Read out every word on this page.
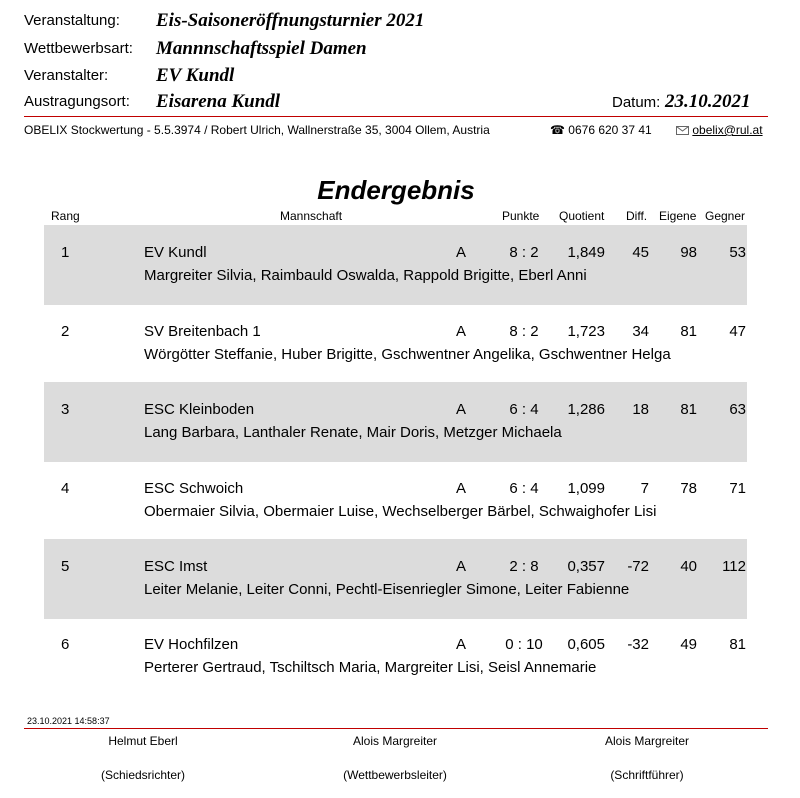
Veranstaltung: Eis-Saisoneröffnungsturnier 2021
Wettbewerbsart: Mannnschaftsspiel Damen
Veranstalter:	EV Kundl
Austragungsort: Eisarena Kundl	Datum: 23.10.2021
OBELIX Stockwertung - 5.5.3974 / Robert Ulrich, Wallnerstraße 35, 3004 Ollem, Austria	☎ 0676 620 37 41	obelix@rul.at
Endergebnis
Rang	Mannschaft	Punkte Quotient Diff. Eigene Gegner
1	EV Kundl	A	8 : 2	1,849	45	98	53
Margreiter Silvia, Raimbauld Oswalda, Rappold Brigitte, Eberl Anni
2	SV Breitenbach 1	A	8 : 2	1,723	34	81	47
Wörgötter Steffanie, Huber Brigitte, Gschwentner Angelika, Gschwentner Helga
3	ESC Kleinboden	A	6 : 4	1,286	18	81	63
Lang Barbara, Lanthaler Renate, Mair Doris, Metzger Michaela
4	ESC Schwoich	A	6 : 4	1,099	7	78	71
Obermaier Silvia, Obermaier Luise, Wechselberger Bärbel, Schwaighofer Lisi
5	ESC Imst	A	2 : 8	0,357	-72	40	112
Leiter Melanie, Leiter Conni, Pechtl-Eisenriegler Simone, Leiter Fabienne
6	EV Hochfilzen	A	0 : 10	0,605	-32	49	81
Perterer Gertraud, Tschiltsch Maria, Margreiter Lisi, Seisl Annemarie
23.10.2021 14:58:37
Helmut Eberl
(Schiedsrichter)
Alois Margreiter
(Wettbewerbsleiter)
Alois Margreiter
(Schriftführer)
